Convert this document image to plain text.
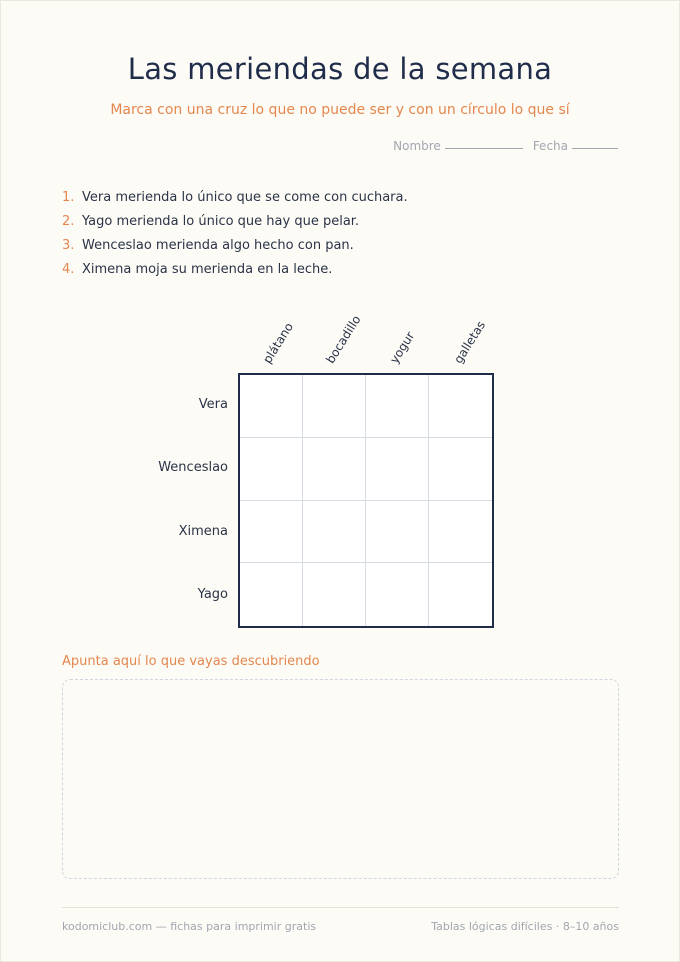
Las meriendas de la semana
Marca con una cruz lo que no puede ser y con un círculo lo que sí
Nombre	Fecha
1. Vera merienda lo único que se come con cuchara.
2. Yago merienda lo único que hay que pelar.
3. Wenceslao merienda algo hecho con pan.
4. Ximena moja su merienda en la leche.
plátano bocadillo yogur	galletas
Vera
Wenceslao
Ximena
Yago
Apunta aquí lo que vayas descubriendo
kodomiclub.com — fichas para imprimir gratis	Tablas lógicas difíciles · 8–10 años
